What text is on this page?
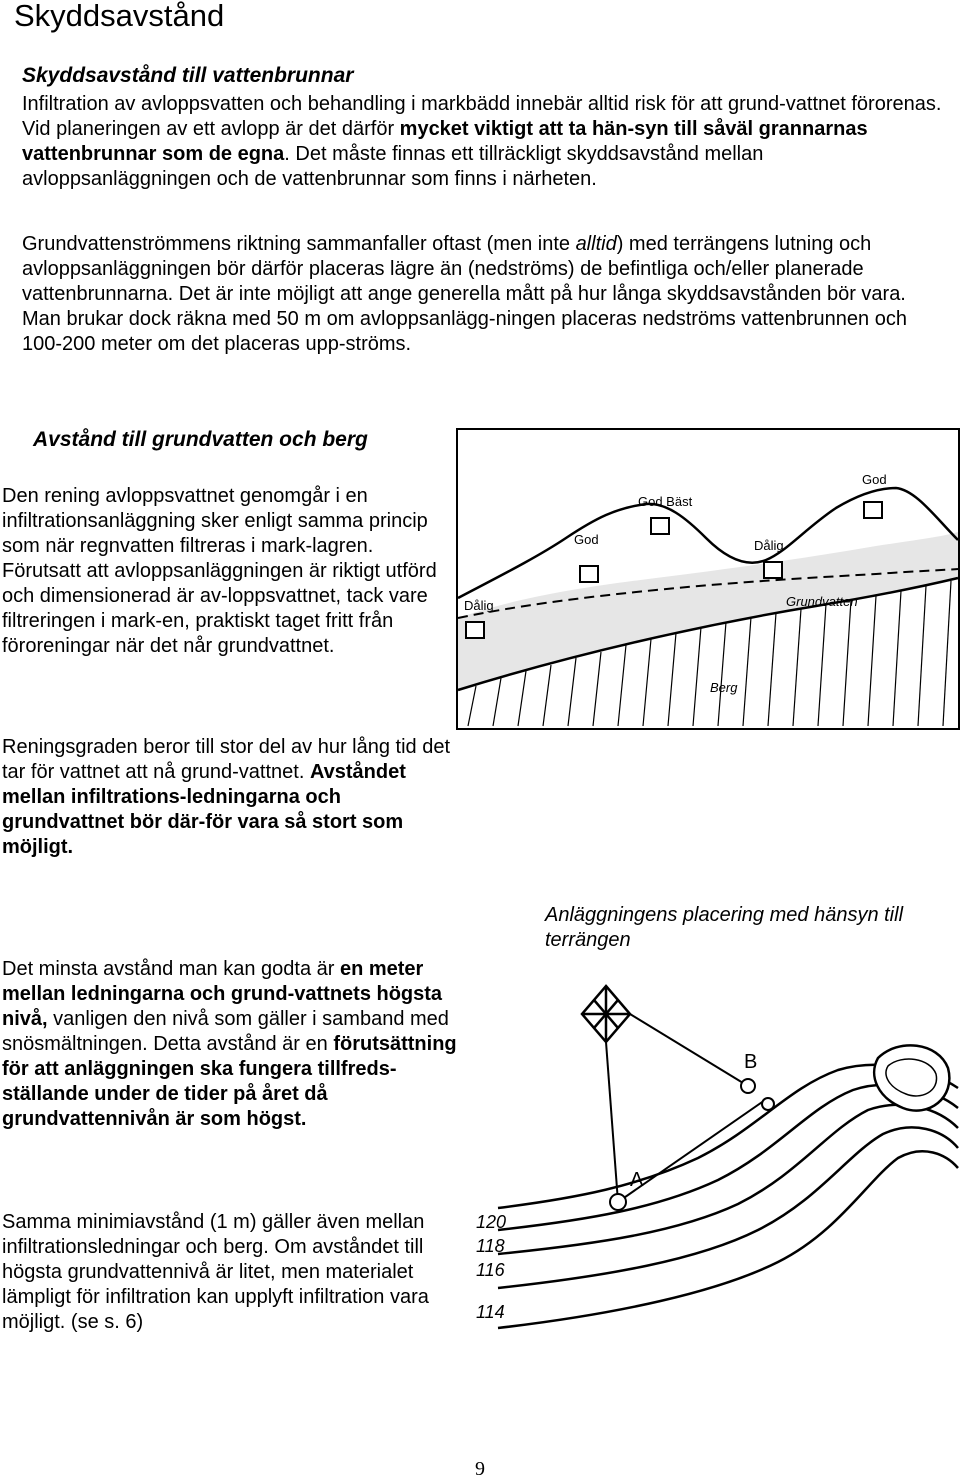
Skyddsavstånd
Skyddsavstånd till vattenbrunnar
Infiltration av avloppsvatten och behandling i markbädd innebär alltid risk för att grund-vattnet förorenas. Vid planeringen av ett avlopp är det därför mycket viktigt att ta hän-syn till såväl grannarnas vattenbrunnar som de egna. Det måste finnas ett tillräckligt skyddsavstånd mellan avloppsanläggningen och de vattenbrunnar som finns i närheten.
Grundvattenströmmens riktning sammanfaller oftast (men inte alltid) med terrängens lutning och avloppsanläggningen bör därför placeras lägre än (nedströms) de befintliga och/eller planerade vattenbrunnarna. Det är inte möjligt att ange generella mått på hur långa skyddsavstånden bör vara. Man brukar dock räkna med 50 m om avloppsanlägg-ningen placeras nedströms vattenbrunnen och 100-200 meter om det placeras upp-ströms.
Avstånd till grundvatten och berg
Den rening avloppsvattnet genomgår i en infiltrationsanläggning sker enligt samma princip som när regnvatten filtreras i mark-lagren. Förutsatt att avloppsanläggningen är riktigt utförd och dimensionerad är av-loppsvattnet, tack vare filtreringen i mark-en, praktiskt taget fritt från föroreningar när det når grundvattnet.
Reningsgraden beror till stor del av hur lång tid det tar för vattnet att nå grund-vattnet. Avståndet mellan infiltrations-ledningarna och grundvattnet bör där-för vara så stort som möjligt.
Det minsta avstånd man kan godta är en meter mellan ledningarna och grund-vattnets högsta nivå, vanligen den nivå som gäller i samband med snösmältningen. Detta avstånd är en förutsättning för att anläggningen ska fungera tillfreds-ställande under de tider på året då grundvattennivån är som högst.
Samma minimiavstånd (1 m) gäller även mellan infiltrationsledningar och berg. Om avståndet till högsta grundvattennivå är litet, men materialet lämpligt för infiltration kan upplyft infiltration vara möjligt. (se s. 6)
Dålig
God
God Bäst
Dålig
God
Grundvatten
Berg
Anläggningens placering med hänsyn till terrängen
A
B
120
118
116
114
9
